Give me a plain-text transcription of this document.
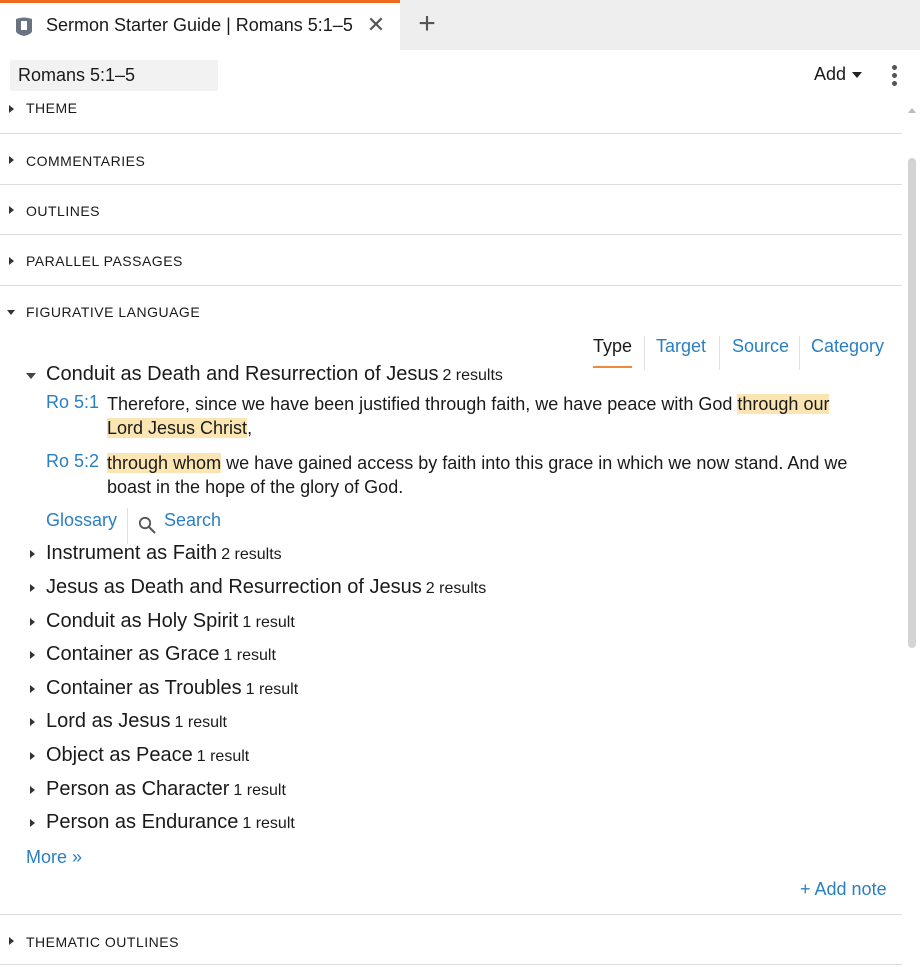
Sermon Starter Guide | Romans 5:1–5 ✕ +
Romans 5:1–5
Add
THEME
COMMENTARIES
OUTLINES
PARALLEL PASSAGES
FIGURATIVE LANGUAGE
Type Target Source Category
Conduit as Death and Resurrection of Jesus 2 results
Ro 5:1 Therefore, since we have been justified through faith, we have peace with God through our Lord Jesus Christ,
Ro 5:2 through whom we have gained access by faith into this grace in which we now stand. And we boast in the hope of the glory of God.
Glossary	Search
Instrument as Faith 2 results
Jesus as Death and Resurrection of Jesus 2 results
Conduit as Holy Spirit 1 result
Container as Grace 1 result
Container as Troubles 1 result
Lord as Jesus 1 result
Object as Peace 1 result
Person as Character 1 result
Person as Endurance 1 result
More »
+ Add note
THEMATIC OUTLINES
